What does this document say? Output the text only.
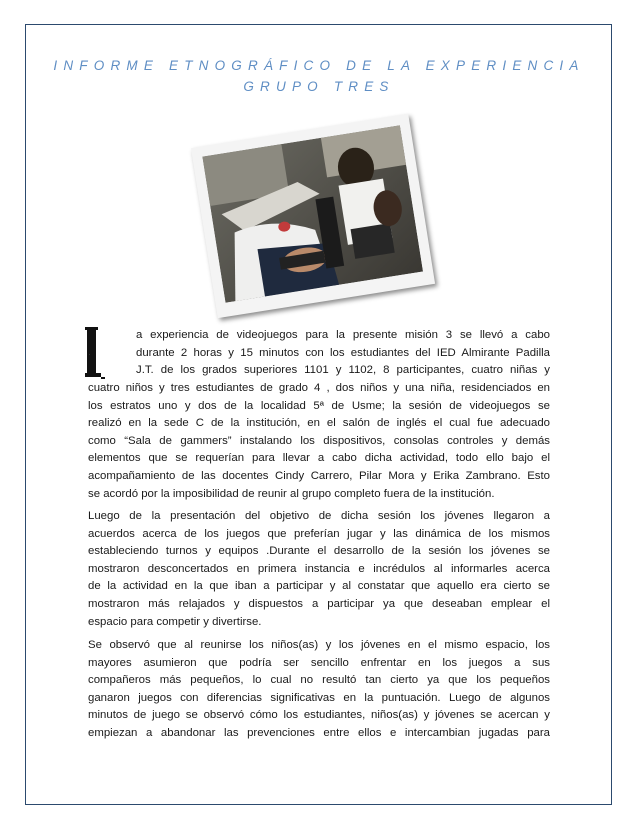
INFORME ETNOGRÁFICO DE LA EXPERIENCIA
GRUPO TRES
L
a experiencia de videojuegos para la presente misión 3 se llevó a cabo
durante 2 horas y 15 minutos con los estudiantes del IED Almirante Padilla
J.T. de los grados superiores 1101 y 1102, 8 participantes, cuatro niñas y
cuatro niños y tres estudiantes de grado 4 , dos niños y una niña, residenciados en
los estratos uno y dos de la localidad 5ª de Usme; la sesión de videojuegos se
realizó en la sede C de la institución, en el salón de inglés el cual fue adecuado
como “Sala de gammers” instalando los dispositivos, consolas controles y demás
elementos que se requerían para llevar a cabo dicha actividad, todo ello bajo el
acompañamiento de las docentes Cindy Carrero, Pilar Mora y Erika Zambrano. Esto
se acordó por la imposibilidad de reunir al grupo completo fuera de la institución.
Luego de la presentación del objetivo de dicha sesión los jóvenes llegaron a
acuerdos acerca de los juegos que preferían jugar y las dinámica de los mismos
estableciendo turnos y equipos .Durante el desarrollo de la sesión los jóvenes se
mostraron desconcertados en primera instancia e incrédulos al informarles acerca
de la actividad en la que iban a participar y al constatar que aquello era cierto se
mostraron más relajados y dispuestos a participar ya que deseaban emplear el
espacio para competir y divertirse.
Se observó que al reunirse los niños(as) y los jóvenes en el mismo espacio, los
mayores asumieron que podría ser sencillo enfrentar en los juegos a sus
compañeros más pequeños, lo cual no resultó tan cierto ya que los pequeños
ganaron juegos con diferencias significativas en la puntuación. Luego de algunos
minutos de juego se observó cómo los estudiantes, niños(as) y jóvenes se acercan y
empiezan a abandonar las prevenciones entre ellos e intercambian jugadas para
